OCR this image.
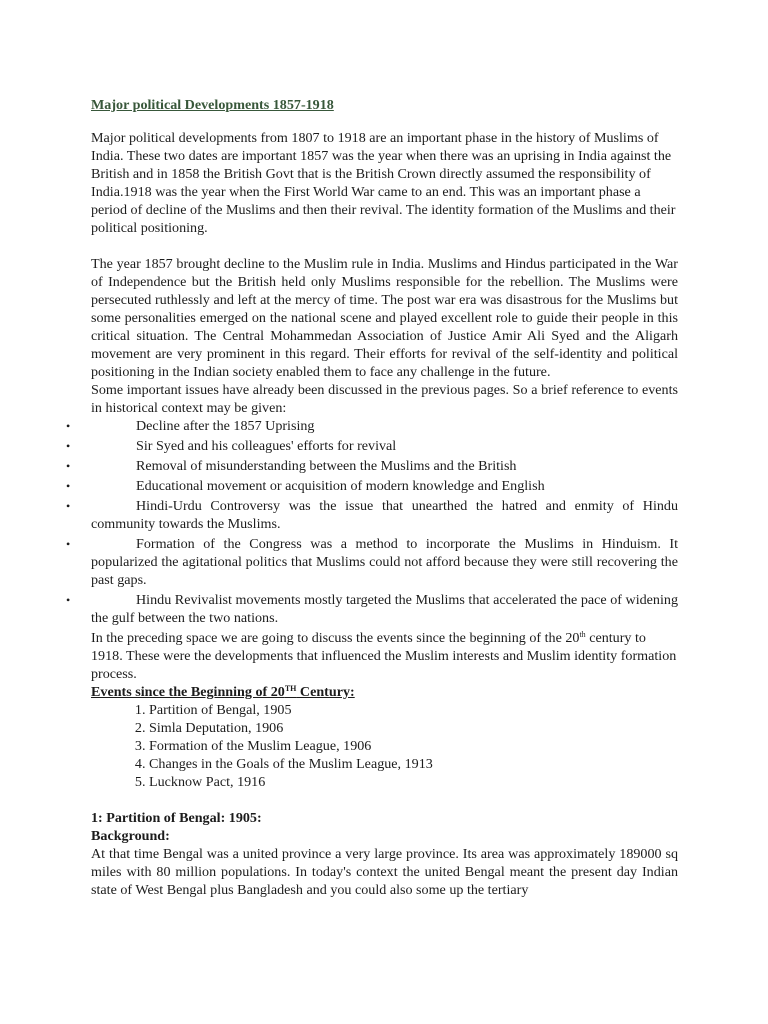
Major political Developments 1857-1918

Major political developments from 1807 to 1918 are an important phase in the history of Muslims of India. These two dates are important 1857 was the year when there was an uprising in India against the British and in 1858 the British Govt that is the British Crown directly assumed the responsibility of India.1918 was the year when the First World War came to an end. This was an important phase a period of decline of the Muslims and then their revival. The identity formation of the Muslims and their political positioning.

The year 1857 brought decline to the Muslim rule in India. Muslims and Hindus participated in the War of Independence but the British held only Muslims responsible for the rebellion. The Muslims were persecuted ruthlessly and left at the mercy of time. The post war era was disastrous for the Muslims but some personalities emerged on the national scene and played excellent role to guide their people in this critical situation. The Central Mohammedan Association of Justice Amir Ali Syed and the Aligarh movement are very prominent in this regard. Their efforts for revival of the self-identity and political positioning in the Indian society enabled them to face any challenge in the future.

Some important issues have already been discussed in the previous pages. So a brief reference to events in historical context may be given:

•	Decline after the 1857 Uprising
•	Sir Syed and his colleagues' efforts for revival
•	Removal of misunderstanding between the Muslims and the British
•	Educational movement or acquisition of modern knowledge and English
•	Hindi-Urdu Controversy was the issue that unearthed the hatred and enmity of Hindu community towards the Muslims.
•	Formation of the Congress was a method to incorporate the Muslims in Hinduism. It popularized the agitational politics that Muslims could not afford because they were still recovering the past gaps.
•	Hindu Revivalist movements mostly targeted the Muslims that accelerated the pace of widening the gulf between the two nations.

In the preceding space we are going to discuss the events since the beginning of the 20th century to 1918. These were the developments that influenced the Muslim interests and Muslim identity formation process.

Events since the Beginning of 20TH Century:
1. Partition of Bengal, 1905
2. Simla Deputation, 1906
3. Formation of the Muslim League, 1906
4. Changes in the Goals of the Muslim League, 1913
5. Lucknow Pact, 1916
1: Partition of Bengal: 1905:
Background:

At that time Bengal was a united province a very large province. Its area was approximately 189000 sq miles with 80 million populations. In today's context the united Bengal meant the present day Indian state of West Bengal plus Bangladesh and you could also some up the tertiary
